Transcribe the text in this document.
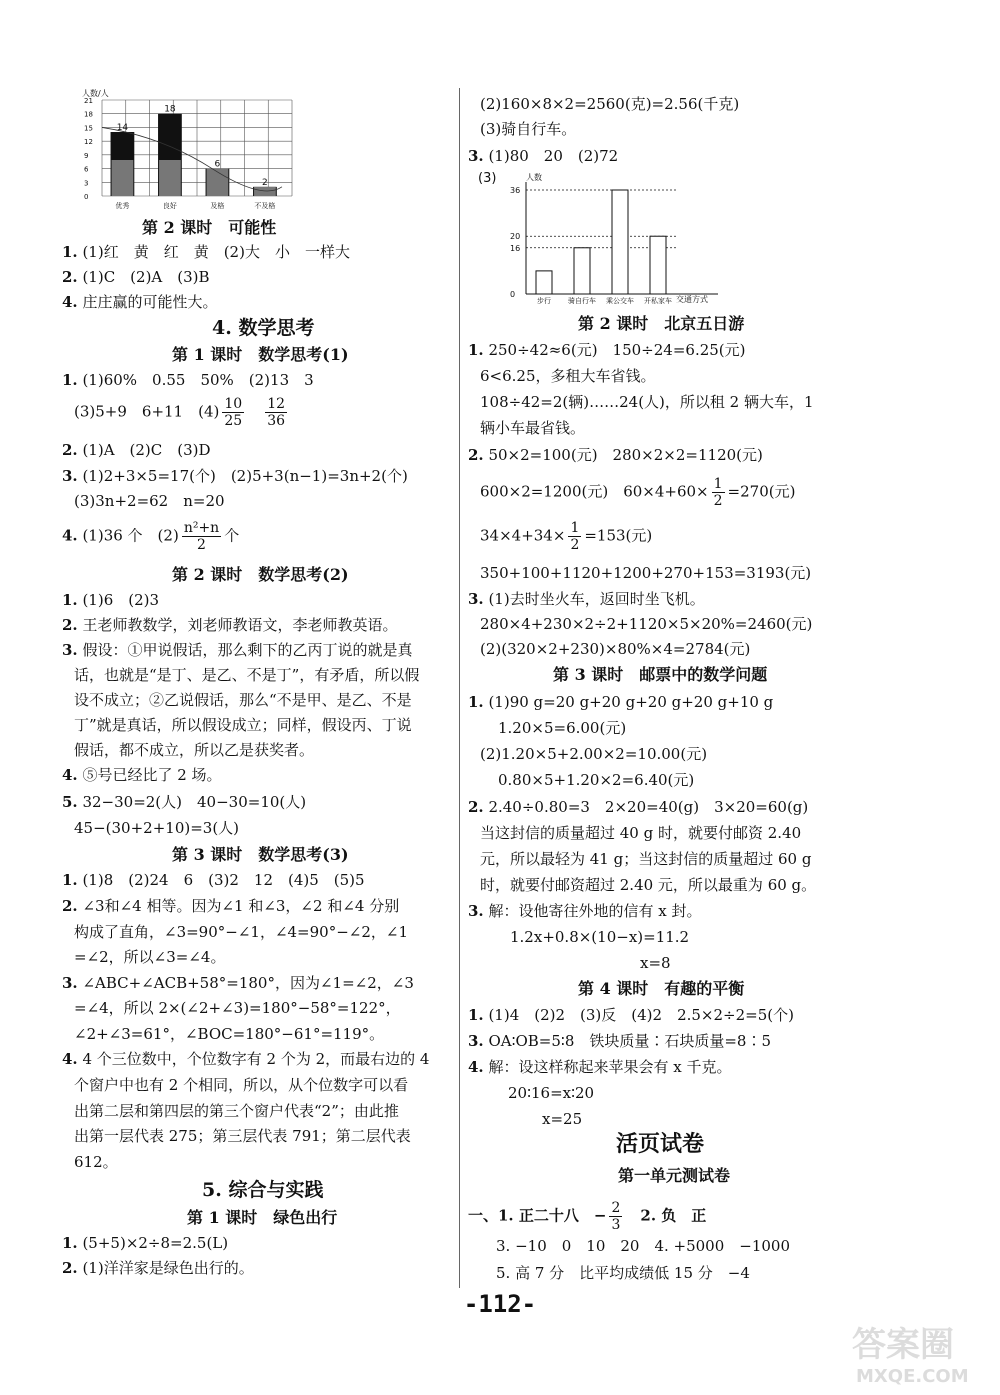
人数/人
21
18
15
12
9
6
3
0
14
优秀
18
良好
6
及格
2
不及格
第 2 课时　可能性
1. (1)红　黄　红　黄　(2)大　小　一样大
2. (1)C　(2)A　(3)B
4. 庄庄赢的可能性大。
4. 数学思考
第 1 课时　数学思考(1)
1. (1)60%　0.55　50%　(2)13　3
(3)5+9　6+11　$(4) \frac{10}{25}$
　 $\frac{12}{36}$
2. (1)A　(2)C　(3)D
3. (1)2+3×5=17(个)　(2)5+3(n−1)=3n+2(个)
(3)3n+2=62　n=20
4. (1)36 个　$(2) \frac{\text{n²+n}}{2}$ 个
第 2 课时　数学思考(2)
1. (1)6　(2)3
2. 王老师教数学，刘老师教语文，李老师教英语。
3. 假设：①甲说假话，那么剩下的乙丙丁说的就是真
话，也就是“是丁、是乙、不是丁”，有矛盾，所以假
设不成立；②乙说假话，那么“不是甲、是乙、不是
丁”就是真话，所以假设成立；同样，假设丙、丁说
假话，都不成立，所以乙是获奖者。
4. ⑤号已经比了 2 场。
5. 32−30=2(人)　40−30=10(人)
45−(30+2+10)=3(人)
第 3 课时　数学思考(3)
1. (1)8　(2)24　6　(3)2　12　(4)5　(5)5
2. ∠3和∠4 相等。因为∠1 和∠3，∠2 和∠4 分别
构成了直角，∠3=90°−∠1，∠4=90°−∠2，∠1
=∠2，所以∠3=∠4。
3. ∠ABC+∠ACB+58°=180°，因为∠1=∠2，∠3
=∠4，所以 2×(∠2+∠3)=180°−58°=122°，
∠2+∠3=61°，∠BOC=180°−61°=119°。
4. 4 个三位数中，个位数字有 2 个为 2，而最右边的 4
个窗户中也有 2 个相同，所以，从个位数字可以看
出第二层和第四层的第三个窗户代表“2”；由此推
出第一层代表 275；第三层代表 791；第二层代表
612。
5. 综合与实践
第 1 课时　绿色出行
1. (5+5)×2÷8=2.5(L)
2. (1)洋洋家是绿色出行的。
(2)160×8×2=2560(克)=2.56(千克)
(3)骑自行车。
3. (1)80　20　(2)72
(3)	人数
交通方式
36
20
16
0
步行 骑自行车 乘公交车 开私家车
第 2 课时　北京五日游
1. 250÷42≈6(元)　150÷24=6.25(元)
6<6.25，多租大车省钱。
108÷42=2(辆)……24(人)，所以租 2 辆大车，1
辆小车最省钱。
2. 50×2=100(元)　280×2×2=1120(元)
600×2=1200(元)　$60\times 4+60\times \frac{1}{2} =270$(元)
$34\times 4+34\times \frac{1}{2} =153$(元)
350+100+1120+1200+270+153=3193(元)
3. (1)去时坐火车，返回时坐飞机。
280×4+230×2÷2+1120×5×20%=2460(元)
(2)(320×2+230)×80%×4=2784(元)
第 3 课时　邮票中的数学问题
1. (1)90 g=20 g+20 g+20 g+20 g+10 g
1.20×5=6.00(元)
(2)1.20×5+2.00×2=10.00(元)
0.80×5+1.20×2=6.40(元)
2. 2.40÷0.80=3　2×20=40(g)　3×20=60(g)
当这封信的质量超过 40 g 时，就要付邮资 2.40
元，所以最轻为 41 g；当这封信的质量超过 60 g
时，就要付邮资超过 2.40 元，所以最重为 60 g。
3. 解：设他寄往外地的信有 x 封。
1.2x+0.8×(10−x)=11.2
x=8
第 4 课时　有趣的平衡
1. (1)4　(2)2　(3)反　(4)2　2.5×2÷2=5(个)
3. OA∶OB=5∶8　铁块质量∶石块质量=8∶5
4. 解：设这样称起来苹果会有 x 千克。
20∶16=x∶20
x=25
活页试卷
第一单元测试卷
一、1. 正二十八　− $\frac{2}{3}$
　 2. 负　正
3. −10　0　10　20　4. +5000　−1000
5. 高 7 分　比平均成绩低 15 分　−4
-112-
答案圈
MXQE.COM
